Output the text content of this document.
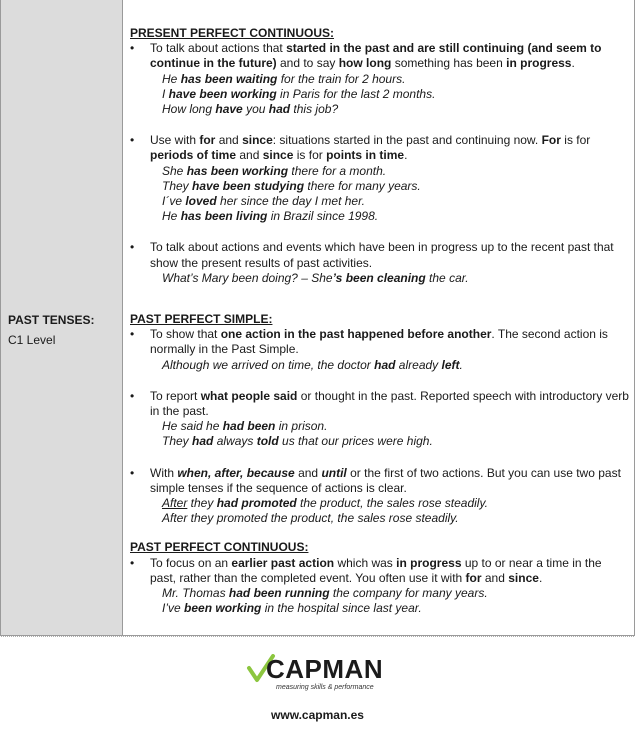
PAST TENSES:
C1 Level
PRESENT PERFECT CONTINUOUS:
• To talk about actions that started in the past and are still continuing (and seem to continue in the future) and to say how long something has been in progress.
He has been waiting for the train for 2 hours.
I have been working in Paris for the last 2 months.
How long have you had this job?
• Use with for and since: situations started in the past and continuing now. For is for periods of time and since is for points in time.
She has been working there for a month.
They have been studying there for many years.
I´ve loved her since the day I met her.
He has been living in Brazil since 1998.
• To talk about actions and events which have been in progress up to the recent past that show the present results of past activities.
What’s Mary been doing? – She’s been cleaning the car.
PAST PERFECT SIMPLE:
• To show that one action in the past happened before another. The second action is normally in the Past Simple.
Although we arrived on time, the doctor had already left.
• To report what people said or thought in the past. Reported speech with introductory verb in the past.
He said he had been in prison.
They had always told us that our prices were high.
• With when, after, because and until or the first of two actions. But you can use two past simple tenses if the sequence of actions is clear.
After they had promoted the product, the sales rose steadily.
After they promoted the product, the sales rose steadily.
PAST PERFECT CONTINUOUS:
• To focus on an earlier past action which was in progress up to or near a time in the past, rather than the completed event. You often use it with for and since.
Mr. Thomas had been running the company for many years.
I’ve been working in the hospital since last year.
CAPMAN
measuring skills & performance
www.capman.es
